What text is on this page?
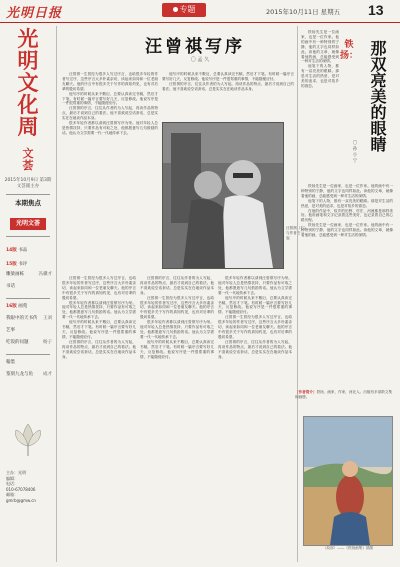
光明日报	专题	2015年10月11日 星期五 13
光
明
文
化
周
文
荟
2015年10月9日 第3期
文荟副主办
本期焦点
光明文荟
14版 书品
15版 书评
雕梁画栋	冯骥才
书话
16版 画苑
我眼中的天书传 王刘
艺事
吃饭的问题	杨子
翰墨
篆刻九龙与鱼 成才
主办：光明
编辑：
电话：
010-67078406
邮箱：
gmrb@gmw.cn
汪曾祺写序
〇 孟 久

汪曾祺一生曾经为很多人写过序言，也给很多年轻的作者写过序，这些序言大多朴素亲切，读起来如同和一位老朋友聊天。他的序言中有很多关于写作的真知灼见，也有对后辈的殷切希望。

他写序的时候从来不敷衍，总要认真读完书稿，然后才下笔。有时候一篇序言要写好几天，反复修改。他说写序是一件很郑重的事情，不能随便应付。

汪曾祺的序言，往往从作者的为人写起，再谈作品的特点，最后才说到自己的看法。他不喜欢说空话套话，总是实实在在地谈作品本身。

很多年轻作者都以请到汪曾祺写序为荣。他对年轻人总是热情扶持，只要作品有可取之处，他都愿意写几句鼓励的话。他认为文学需要一代一代地传承下去。

他写序的时候从来不敷衍，总要认真读完书稿，然后才下笔。有时候一篇序言要写好几天，反复修改。他说写序是一件很郑重的事情，不能随便应付。

汪曾祺的序言，往往从作者的为人写起，再谈作品的特点，最后才说到自己的看法。他不喜欢说空话套话，总是实实在在地谈作品本身。

汪曾祺（右）与作者在一起

汪曾祺一生曾经为很多人写过序言，也给很多年轻的作者写过序，这些序言大多朴素亲切，读起来如同和一位老朋友聊天。他的序言中有很多关于写作的真知灼见，也有对后辈的殷切希望。

很多年轻作者都以请到汪曾祺写序为荣。他对年轻人总是热情扶持，只要作品有可取之处，他都愿意写几句鼓励的话。他认为文学需要一代一代地传承下去。

他写序的时候从来不敷衍，总要认真读完书稿，然后才下笔。有时候一篇序言要写好几天，反复修改。他说写序是一件很郑重的事情，不能随便应付。

汪曾祺的序言，往往从作者的为人写起，再谈作品的特点，最后才说到自己的看法。他不喜欢说空话套话，总是实实在在地谈作品本身。

汪曾祺的序言，往往从作者的为人写起，再谈作品的特点，最后才说到自己的看法。他不喜欢说空话套话，总是实实在在地谈作品本身。

汪曾祺一生曾经为很多人写过序言，也给很多年轻的作者写过序，这些序言大多朴素亲切，读起来如同和一位老朋友聊天。他的序言中有很多关于写作的真知灼见，也有对后辈的殷切希望。

很多年轻作者都以请到汪曾祺写序为荣。他对年轻人总是热情扶持，只要作品有可取之处，他都愿意写几句鼓励的话。他认为文学需要一代一代地传承下去。

他写序的时候从来不敷衍，总要认真读完书稿，然后才下笔。有时候一篇序言要写好几天，反复修改。他说写序是一件很郑重的事情，不能随便应付。

很多年轻作者都以请到汪曾祺写序为荣。他对年轻人总是热情扶持，只要作品有可取之处，他都愿意写几句鼓励的话。他认为文学需要一代一代地传承下去。

他写序的时候从来不敷衍，总要认真读完书稿，然后才下笔。有时候一篇序言要写好几天，反复修改。他说写序是一件很郑重的事情，不能随便应付。

汪曾祺一生曾经为很多人写过序言，也给很多年轻的作者写过序，这些序言大多朴素亲切，读起来如同和一位老朋友聊天。他的序言中有很多关于写作的真知灼见，也有对后辈的殷切希望。

汪曾祺的序言，往往从作者的为人写起，再谈作品的特点，最后才说到自己的看法。他不喜欢说空话套话，总是实实在在地谈作品本身。

铁扬先生是一位画家，也是一位作家。他的画中有一种特别的宁静，他的文字也同样如此。读他的文章，就像看他的画，总能感受到一种对生活的深情。

他笔下的人物，都有一双亮美的眼睛。那是对生活的热爱，是对美的追求，也是对故乡的眷恋。

铁扬： 那双亮美的眼睛
〇 孙 小 宁

铁扬先生是一位画家，也是一位作家。他的画中有一种特别的宁静，他的文字也同样如此。读他的文章，就像看他的画，总能感受到一种对生活的深情。

他笔下的人物，都有一双亮美的眼睛。那是对生活的热爱，是对美的追求，也是对故乡的眷恋。

在他的作品中，故乡的田野、村庄、河流都是那样美好。他用画笔和文字记录着这些美好，也记录着自己的心路历程。

铁扬先生是一位画家，也是一位作家。他的画中有一种特别的宁静，他的文字也同样如此。读他的文章，就像看他的画，总能感受到一种对生活的深情。

〔作者简介〕铁扬，画家、作家，河北人。出版有多部散文集和画册。
（局部）——《铁扬画集》插图
